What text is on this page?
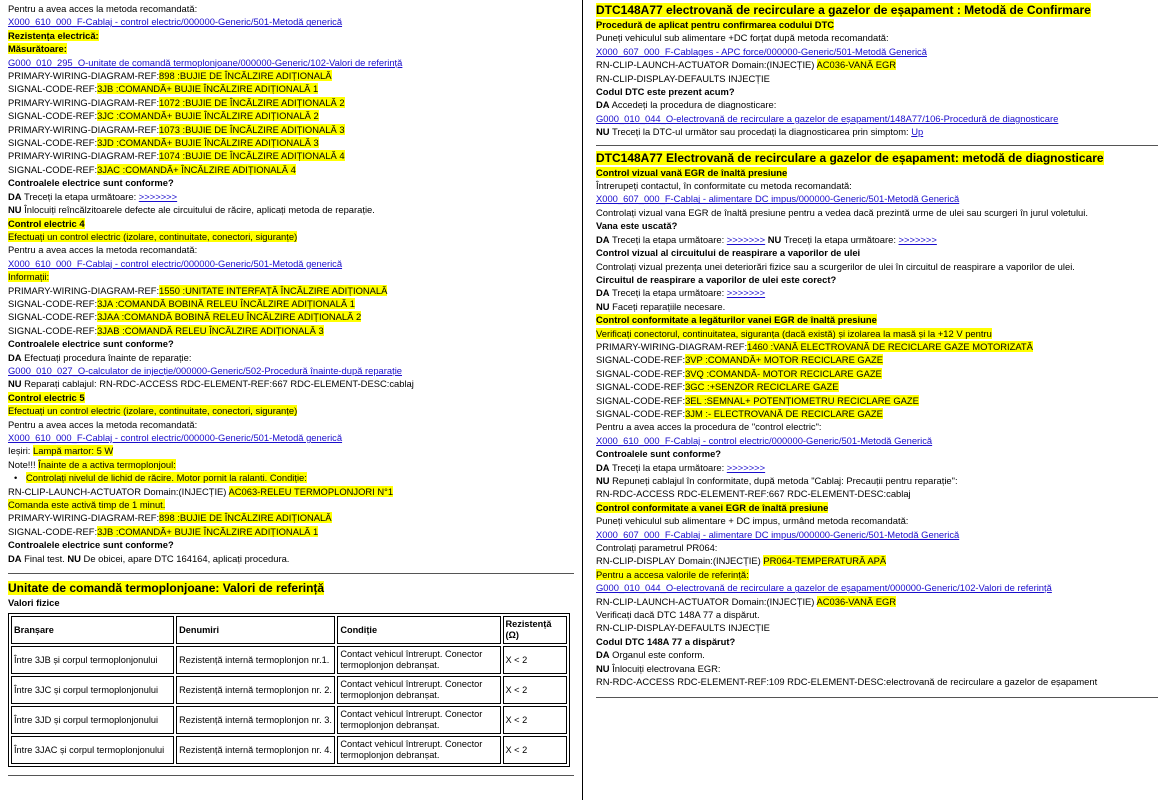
Pentru a avea acces la metoda recomandată:
X000_610_000_F-Cablaj - control electric/000000-Generic/501-Metodă generică
Rezistența electrică:
Măsurătoare:
G000_010_295_O-unitate de comandă termoplonjoane/000000-Generic/102-Valori de referință
PRIMARY-WIRING-DIAGRAM-REF:898 :BUJIE DE ÎNCĂLZIRE ADIȚIONALĂ
SIGNAL-CODE-REF:3JB :COMANDĂ+ BUJIE ÎNCĂLZIRE ADIȚIONALĂ 1
PRIMARY-WIRING-DIAGRAM-REF:1072 :BUJIE DE ÎNCĂLZIRE ADIȚIONALĂ 2
SIGNAL-CODE-REF:3JC :COMANDĂ+ BUJIE ÎNCĂLZIRE ADIȚIONALĂ 2
PRIMARY-WIRING-DIAGRAM-REF:1073 :BUJIE DE ÎNCĂLZIRE ADIȚIONALĂ 3
SIGNAL-CODE-REF:3JD :COMANDĂ+ BUJIE ÎNCĂLZIRE ADIȚIONALĂ 3
PRIMARY-WIRING-DIAGRAM-REF:1074 :BUJIE DE ÎNCĂLZIRE ADIȚIONALĂ 4
SIGNAL-CODE-REF:3JAC :COMANDĂ+ ÎNCĂLZIRE ADIȚIONALĂ 4
Controalele electrice sunt conforme?
DA Treceți la etapa următoare: >>>>>>>
NU Înlocuiți reîncălzitoarele defecte ale circuitului de răcire, aplicați metoda de reparație.
Control electric 4
Efectuați un control electric (izolare, continuitate, conectori, siguranțe)
Pentru a avea acces la metoda recomandată:
X000_610_000_F-Cablaj - control electric/000000-Generic/501-Metodă generică
Informații:
PRIMARY-WIRING-DIAGRAM-REF:1550 :UNITATE INTERFAȚĂ ÎNCĂLZIRE ADIȚIONALĂ
SIGNAL-CODE-REF:3JA :COMANDĂ BOBINĂ RELEU ÎNCĂLZIRE ADIȚIONALĂ 1
SIGNAL-CODE-REF:3JAA :COMANDĂ BOBINĂ RELEU ÎNCĂLZIRE ADIȚIONALĂ 2
SIGNAL-CODE-REF:3JAB :COMANDĂ RELEU ÎNCĂLZIRE ADIȚIONALĂ 3
Controalele electrice sunt conforme?
DA Efectuați procedura înainte de reparație:
G000_010_027_O-calculator de injecție/000000-Generic/502-Procedură înainte-după reparație
NU Reparați cablajul: RN-RDC-ACCESS RDC-ELEMENT-REF:667 RDC-ELEMENT-DESC:cablaj
Control electric 5
Efectuați un control electric (izolare, continuitate, conectori, siguranțe)
Pentru a avea acces la metoda recomandată:
X000_610_000_F-Cablaj - control electric/000000-Generic/501-Metodă generică
Ieșiri: Lampă martor: 5 W
Note!!! Înainte de a activa termoplonjoul:
• Controlați nivelul de lichid de răcire. Motor pornit la ralanti. Condiție:
RN-CLIP-LAUNCH-ACTUATOR Domain:(INJECȚIE) AC063-RELEU TERMOPLONJORI N°1
Comanda este activă timp de 1 minut.
PRIMARY-WIRING-DIAGRAM-REF:898 :BUJIE DE ÎNCĂLZIRE ADIȚIONALĂ
SIGNAL-CODE-REF:3JB :COMANDĂ+ BUJIE ÎNCĂLZIRE ADIȚIONALĂ 1
Controalele electrice sunt conforme?
DA Final test. NU De obicei, apare DTC 164164, aplicați procedura.
Unitate de comandă termoplonjoane: Valori de referință
Valori fizice
Branșare	Denumiri	Condiție	Rezistență (Ω)
Între 3JB și corpul termoplonjonului	Rezistență internă termoplonjon nr.1.	Contact vehicul întrerupt. Conector termoplonjon debranșat.	X < 2
Între 3JC și corpul termoplonjonului	Rezistență internă termoplonjon nr. 2.	Contact vehicul întrerupt. Conector termoplonjon debranșat.	X < 2
Între 3JD și corpul termoplonjonului	Rezistență internă termoplonjon nr. 3.	Contact vehicul întrerupt. Conector termoplonjon debranșat.	X < 2
Între 3JAC și corpul termoplonjonului	Rezistență internă termoplonjon nr. 4.	Contact vehicul întrerupt. Conector termoplonjon debranșat.	X < 2
DTC148A77 electrovană de recirculare a gazelor de eșapament : Metodă de Confirmare
Procedură de aplicat pentru confirmarea codului DTC
Puneți vehiculul sub alimentare +DC forțat după metoda recomandată:
X000_607_000_F-Cablages - APC force/000000-Generic/501-Metodă Generică
RN-CLIP-LAUNCH-ACTUATOR Domain:(INJECȚIE) AC036-VANĂ EGR
RN-CLIP-DISPLAY-DEFAULTS INJECȚIE
Codul DTC este prezent acum?
DA Accedeți la procedura de diagnosticare:
G000_010_044_O-electrovană de recirculare a gazelor de eșapament/148A77/106-Procedură de diagnosticare
NU Treceți la DTC-ul următor sau procedați la diagnosticarea prin simptom: Up
DTC148A77 Electrovană de recirculare a gazelor de eșapament: metodă de diagnosticare
Control vizual vană EGR de înaltă presiune
Întrerupeți contactul, în conformitate cu metoda recomandată:
X000_607_000_F-Cablaj - alimentare DC impus/000000-Generic/501-Metodă Generică
Controlați vizual vana EGR de înaltă presiune pentru a vedea dacă prezintă urme de ulei sau scurgeri în jurul voletului.
Vana este uscată?
DA Treceți la etapa următoare: >>>>>>> NU Treceți la etapa următoare: >>>>>>>
Control vizual al circuitului de reaspirare a vaporilor de ulei
Controlați vizual prezența unei deteriorări fizice sau a scurgerilor de ulei în circuitul de reaspirare a vaporilor de ulei.
Circuitul de reaspirare a vaporilor de ulei este corect?
DA Treceți la etapa următoare: >>>>>>>
NU Faceți reparațiile necesare.
Control conformitate a legăturilor vanei EGR de înaltă presiune
Verificați conectorul, continuitatea, siguranța (dacă există) și izolarea la masă și la +12 V pentru
PRIMARY-WIRING-DIAGRAM-REF:1460 :VANĂ ELECTROVANĂ DE RECICLARE GAZE MOTORIZATĂ
SIGNAL-CODE-REF:3VP :COMANDĂ+ MOTOR RECICLARE GAZE
SIGNAL-CODE-REF:3VQ :COMANDĂ- MOTOR RECICLARE GAZE
SIGNAL-CODE-REF:3GC :+SENZOR RECICLARE GAZE
SIGNAL-CODE-REF:3EL :SEMNAL+ POTENȚIOMETRU RECICLARE GAZE
SIGNAL-CODE-REF:3JM :- ELECTROVANĂ DE RECICLARE GAZE
Pentru a avea acces la procedura de "control electric":
X000_610_000_F-Cablaj - control electric/000000-Generic/501-Metodă Generică
Controalele sunt conforme?
DA Treceți la etapa următoare: >>>>>>>
NU Repuneți cablajul în conformitate, după metoda "Cablaj: Precauții pentru reparație":
RN-RDC-ACCESS RDC-ELEMENT-REF:667 RDC-ELEMENT-DESC:cablaj
Control conformitate a vanei EGR de înaltă presiune
Puneți vehiculul sub alimentare + DC impus, urmând metoda recomandată:
X000_607_000_F-Cablaj - alimentare DC impus/000000-Generic/501-Metodă Generică
Controlați parametrul PR064:
RN-CLIP-DISPLAY Domain:(INJECȚIE) PR064-TEMPERATURĂ APĂ
Pentru a accesa valorile de referință:
G000_010_044_O-electrovană de recirculare a gazelor de eșapament/000000-Generic/102-Valori de referință
RN-CLIP-LAUNCH-ACTUATOR Domain:(INJECȚIE) AC036-VANĂ EGR
Verificați dacă DTC 148A 77 a dispărut.
RN-CLIP-DISPLAY-DEFAULTS INJECȚIE
Codul DTC 148A 77 a dispărut?
DA Organul este conform.
NU Înlocuiți electrovana EGR:
RN-RDC-ACCESS RDC-ELEMENT-REF:109 RDC-ELEMENT-DESC:electrovană de recirculare a gazelor de eșapament
